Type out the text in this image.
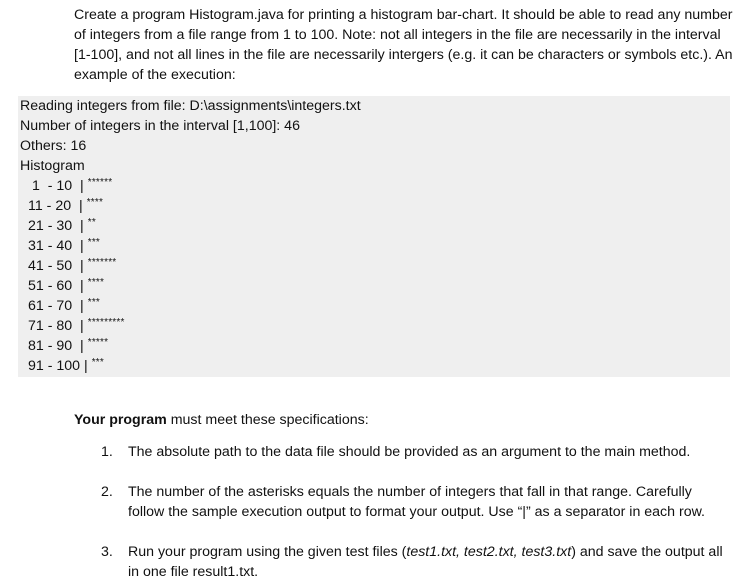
Create a program Histogram.java for printing a histogram bar-chart. It should be able to read any number of integers from a file range from 1 to 100. Note: not all integers in the file are necessarily in the interval [1-100], and not all lines in the file are necessarily intergers (e.g. it can be characters or symbols etc.). An example of the execution:

Reading integers from file: D:\assignments\integers.txt
Number of integers in the interval [1,100]: 46
Others: 16
Histogram
1  - 10  | ******
11 - 20  | ****
21 - 30  | **
31 - 40  | ***
41 - 50  | *******
51 - 60  | ****
61 - 70  | ***
71 - 80  | *********
81 - 90  | *****
91 - 100 | ***

Your program must meet these specifications:

1.	The absolute path to the data file should be provided as an argument to the main method.
2.	The number of the asterisks equals the number of integers that fall in that range. Carefully follow the sample execution output to format your output. Use “|” as a separator in each row.
3.	Run your program using the given test files (test1.txt, test2.txt, test3.txt) and save the output all in one file result1.txt.
